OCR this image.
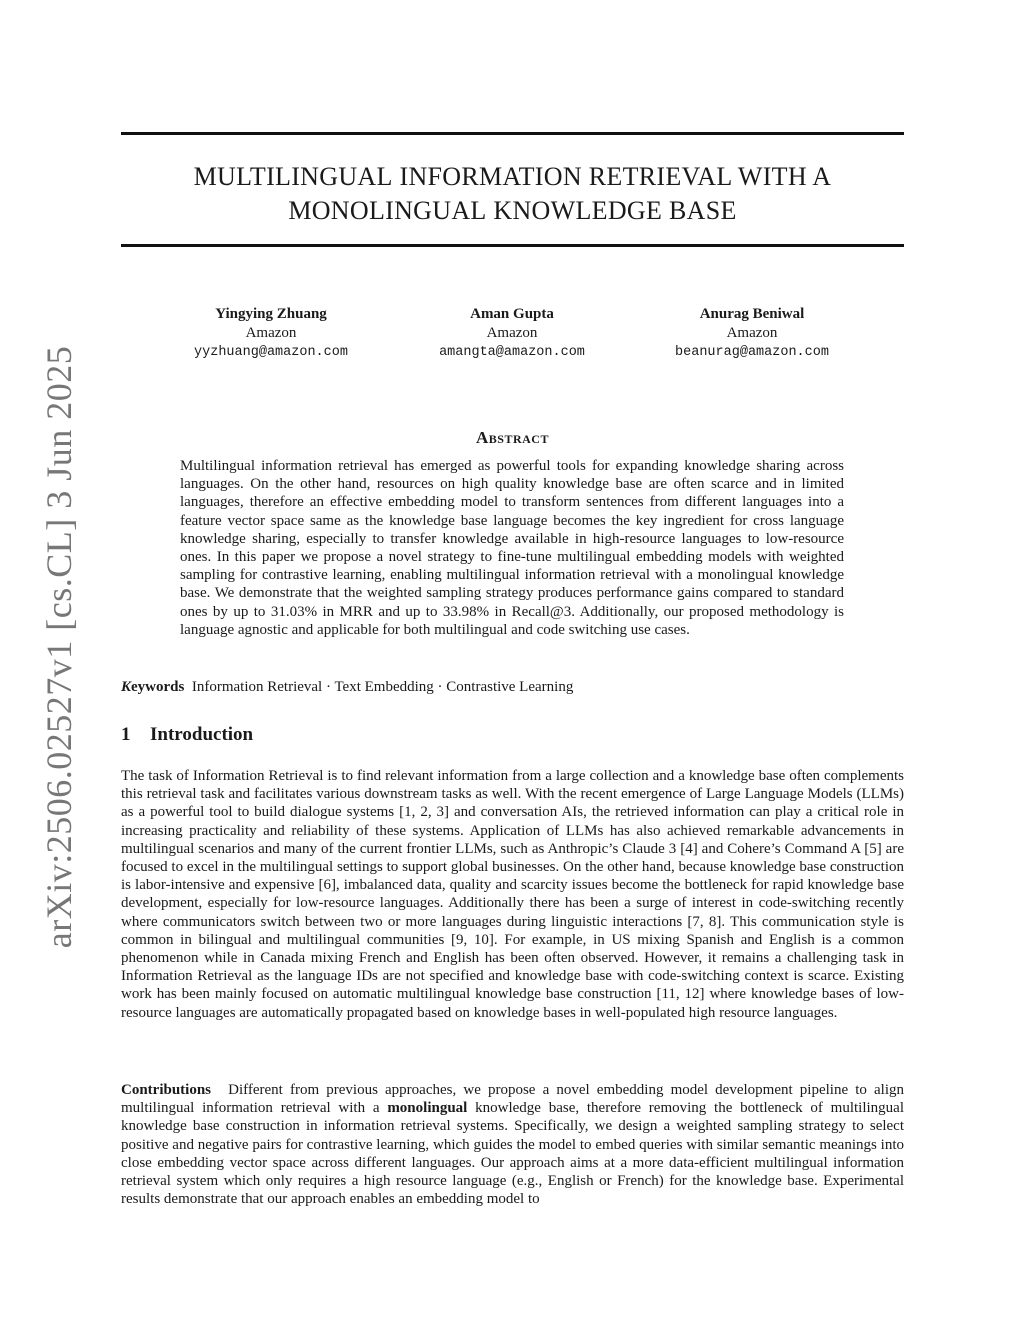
arXiv:2506.02527v1 [cs.CL] 3 Jun 2025
MULTILINGUAL INFORMATION RETRIEVAL WITH A
MONOLINGUAL KNOWLEDGE BASE
Yingying Zhuang
Amazon
yyzhuang@amazon.com
Aman Gupta
Amazon
amangta@amazon.com
Anurag Beniwal
Amazon
beanurag@amazon.com
Abstract
Multilingual information retrieval has emerged as powerful tools for expanding knowledge sharing across languages. On the other hand, resources on high quality knowledge base are often scarce and in limited languages, therefore an effective embedding model to transform sentences from different languages into a feature vector space same as the knowledge base language becomes the key ingredient for cross language knowledge sharing, especially to transfer knowledge available in high-resource languages to low-resource ones. In this paper we propose a novel strategy to fine-tune multilingual embedding models with weighted sampling for contrastive learning, enabling multilingual information retrieval with a monolingual knowledge base. We demonstrate that the weighted sampling strategy produces performance gains compared to standard ones by up to 31.03% in MRR and up to 33.98% in Recall@3. Additionally, our proposed methodology is language agnostic and applicable for both multilingual and code switching use cases.
Keywords Information Retrieval · Text Embedding · Contrastive Learning
1 Introduction
The task of Information Retrieval is to find relevant information from a large collection and a knowledge base often complements this retrieval task and facilitates various downstream tasks as well. With the recent emergence of Large Language Models (LLMs) as a powerful tool to build dialogue systems [1, 2, 3] and conversation AIs, the retrieved information can play a critical role in increasing practicality and reliability of these systems. Application of LLMs has also achieved remarkable advancements in multilingual scenarios and many of the current frontier LLMs, such as Anthropic’s Claude 3 [4] and Cohere’s Command A [5] are focused to excel in the multilingual settings to support global businesses. On the other hand, because knowledge base construction is labor-intensive and expensive [6], imbalanced data, quality and scarcity issues become the bottleneck for rapid knowledge base development, especially for low-resource languages. Additionally there has been a surge of interest in code-switching recently where communicators switch between two or more languages during linguistic interactions [7, 8]. This communication style is common in bilingual and multilingual communities [9, 10]. For example, in US mixing Spanish and English is a common phenomenon while in Canada mixing French and English has been often observed. However, it remains a challenging task in Information Retrieval as the language IDs are not specified and knowledge base with code-switching context is scarce. Existing work has been mainly focused on automatic multilingual knowledge base construction [11, 12] where knowledge bases of low-resource languages are automatically propagated based on knowledge bases in well-populated high resource languages.
Contributions Different from previous approaches, we propose a novel embedding model development pipeline to align multilingual information retrieval with a monolingual knowledge base, therefore removing the bottleneck of multilingual knowledge base construction in information retrieval systems. Specifically, we design a weighted sampling strategy to select positive and negative pairs for contrastive learning, which guides the model to embed queries with similar semantic meanings into close embedding vector space across different languages. Our approach aims at a more data-efficient multilingual information retrieval system which only requires a high resource language (e.g., English or French) for the knowledge base. Experimental results demonstrate that our approach enables an embedding model to
